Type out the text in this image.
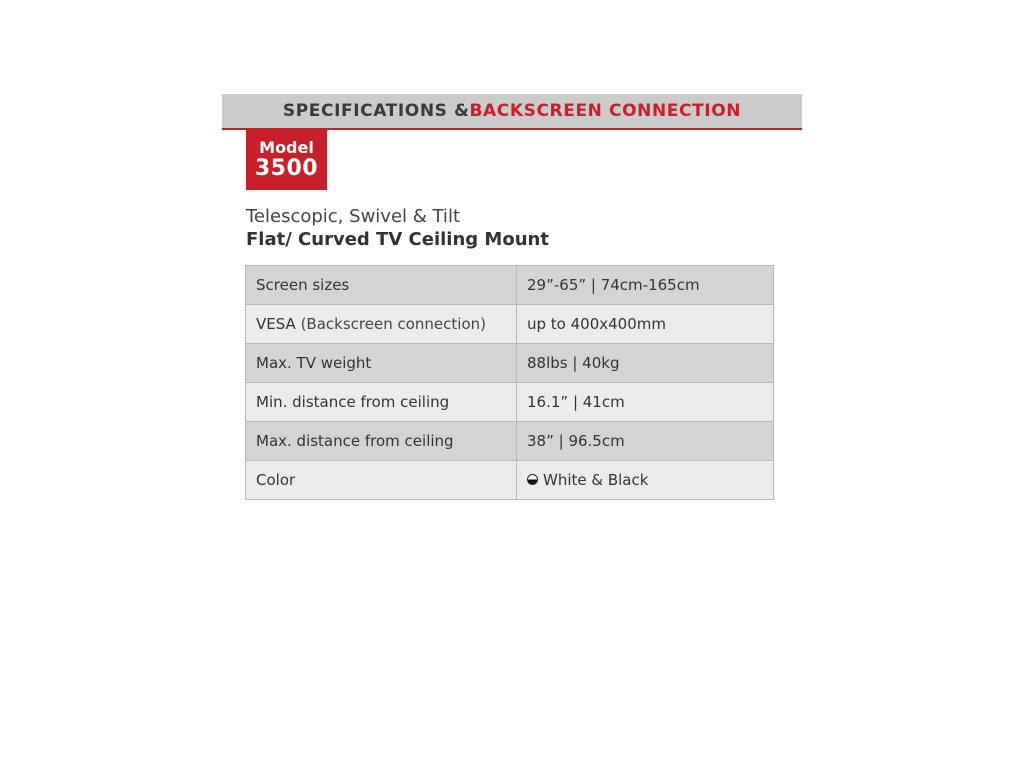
SPECIFICATIONS & BACKSCREEN CONNECTION
Model
3500
Telescopic, Swivel & Tilt
Flat/ Curved TV Ceiling Mount
Screen sizes	29”-65” | 74cm-165cm
VESA (Backscreen connection)	up to 400x400mm
Max. TV weight	88lbs | 40kg
Min. distance from ceiling	16.1” | 41cm
Max. distance from ceiling	38” | 96.5cm
Color	White & Black
